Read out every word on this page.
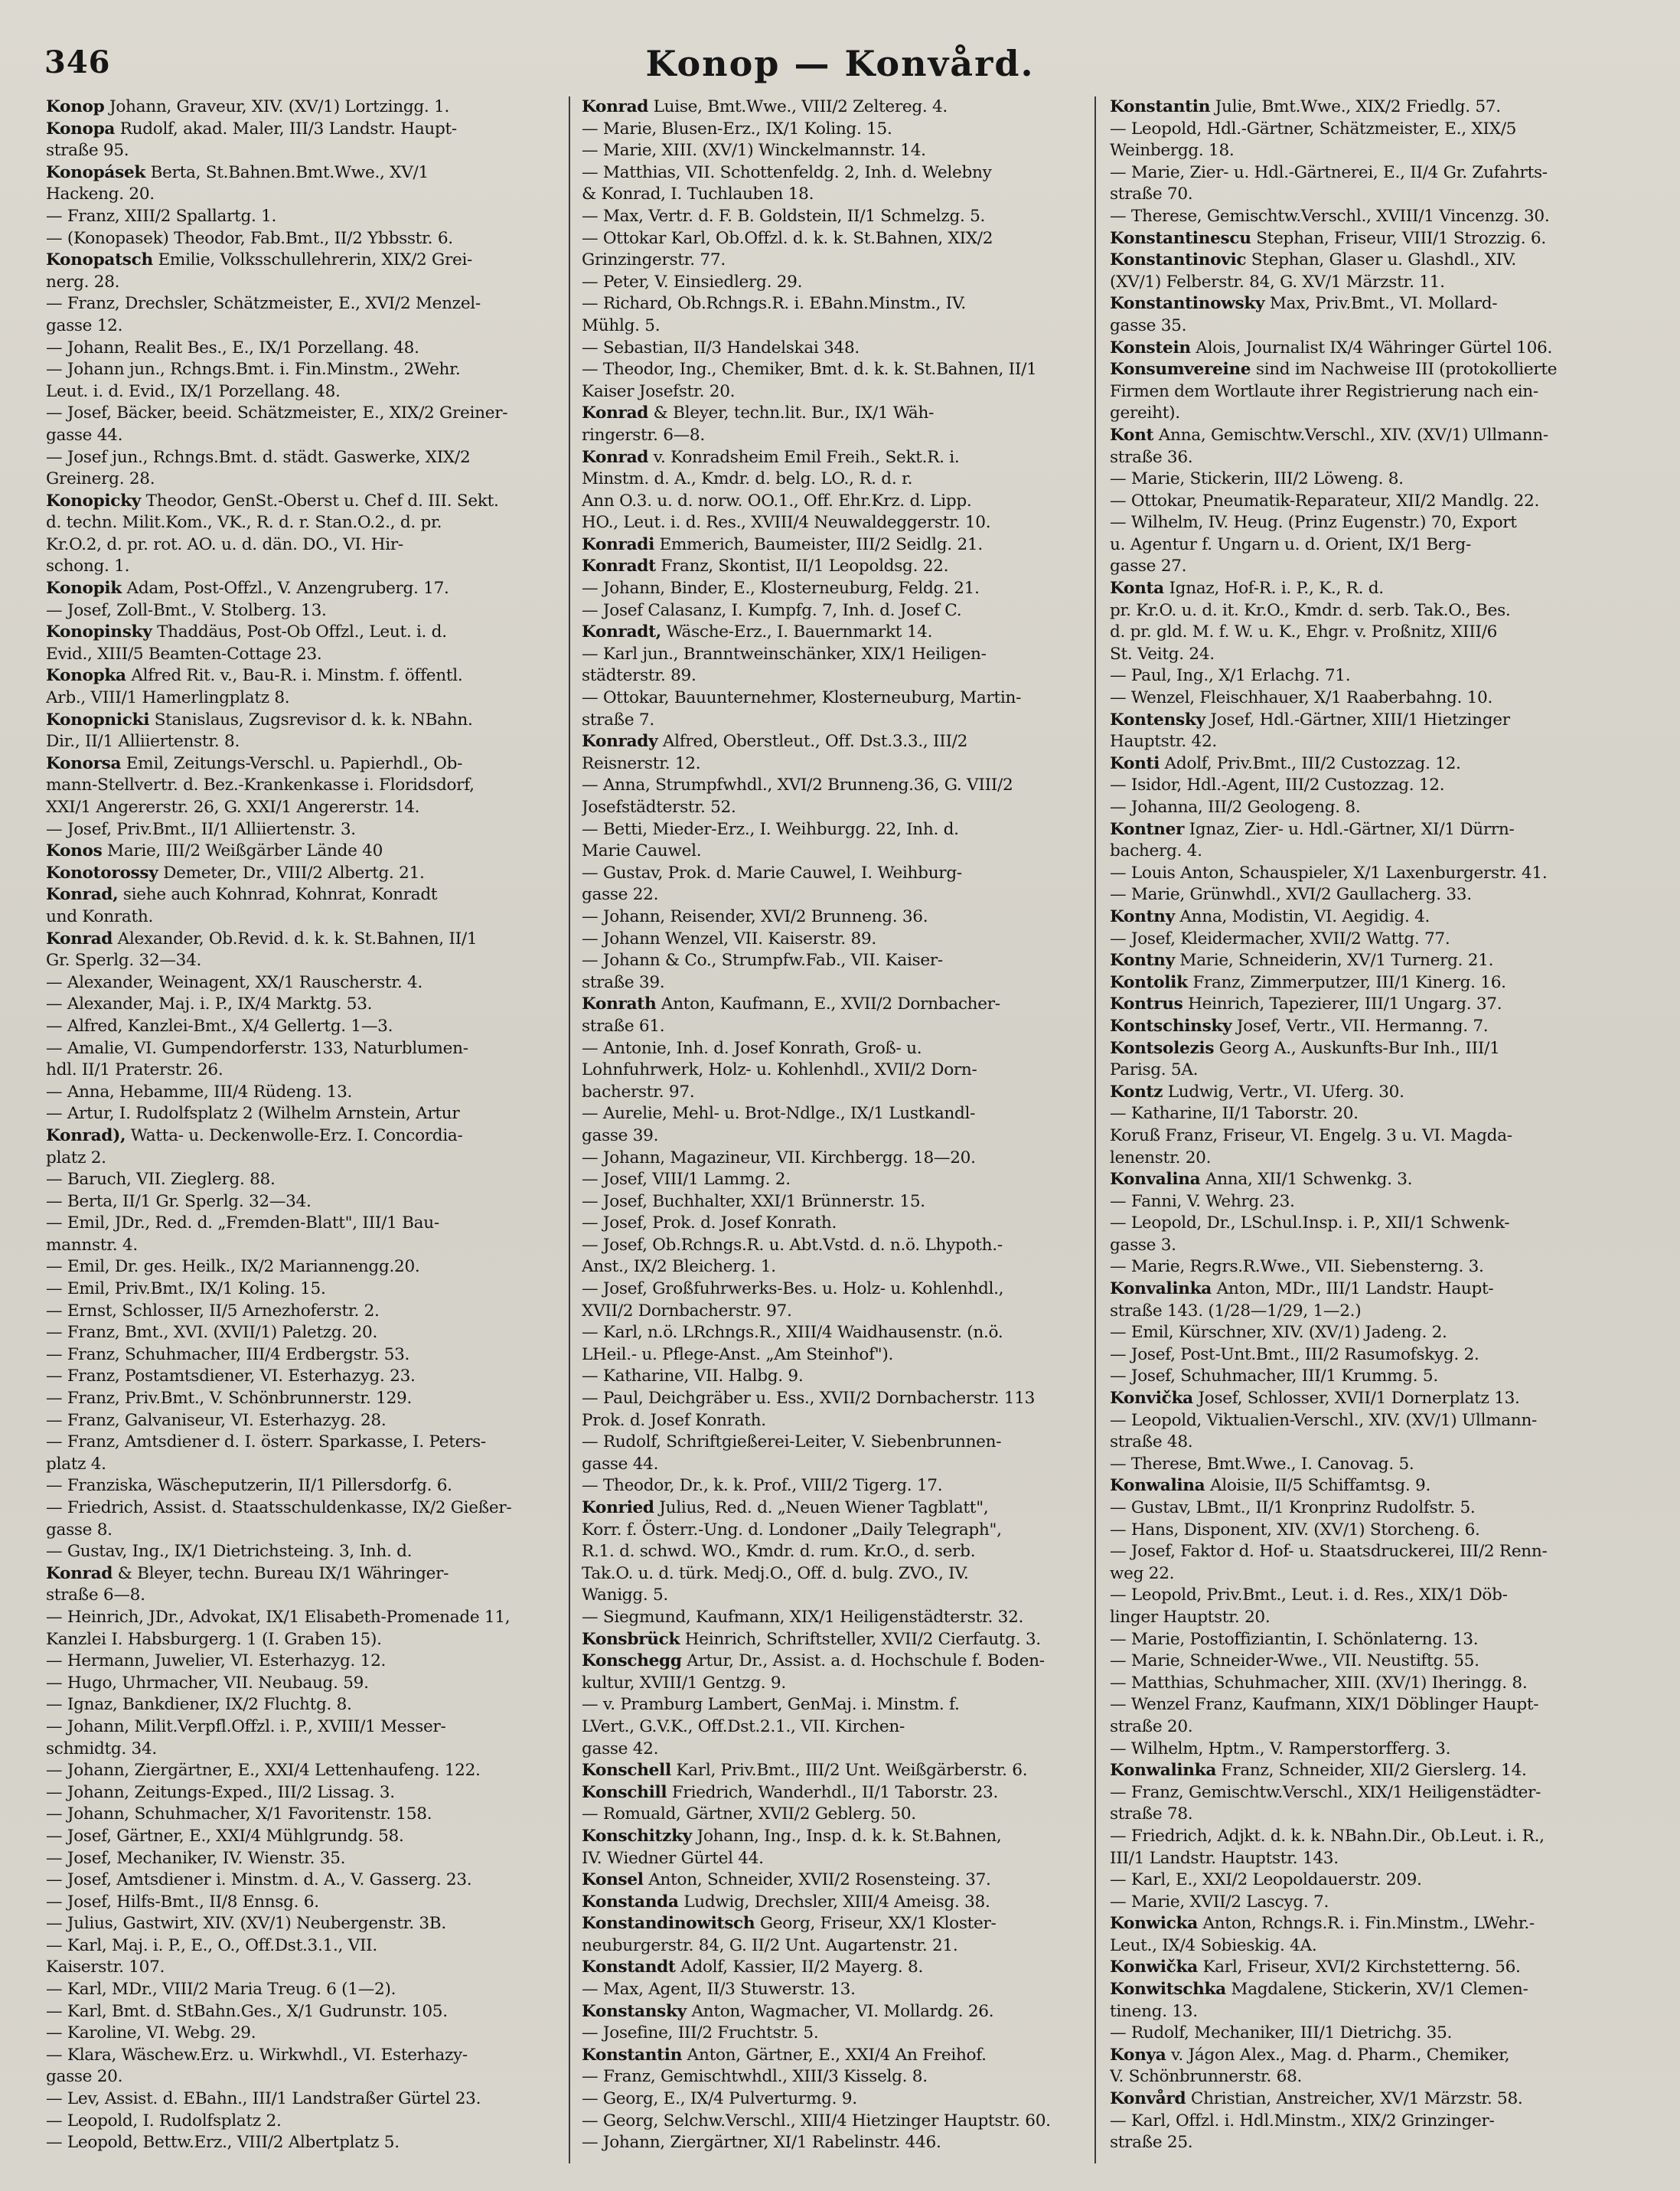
346	Konop — Konvård.
Konop Johann, Graveur, XIV. (XV/1) Lortzingg. 1.
Konopa Rudolf, akad. Maler, III/3 Landstr. Haupt-
straße 95.
Konopásek Berta, St.Bahnen.Bmt.Wwe., XV/1
Hackeng. 20.
— Franz, XIII/2 Spallartg. 1.
— (Konopasek) Theodor, Fab.Bmt., II/2 Ybbsstr. 6.
Konopatsch Emilie, Volksschullehrerin, XIX/2 Grei-
nerg. 28.
— Franz, Drechsler, Schätzmeister, E., XVI/2 Menzel-
gasse 12.
— Johann, Realit Bes., E., IX/1 Porzellang. 48.
— Johann jun., Rchngs.Bmt. i. Fin.Minstm., 2Wehr.
Leut. i. d. Evid., IX/1 Porzellang. 48.
— Josef, Bäcker, beeid. Schätzmeister, E., XIX/2 Greiner-
gasse 44.
— Josef jun., Rchngs.Bmt. d. städt. Gaswerke, XIX/2
Greinerg. 28.
Konopicky Theodor, GenSt.-Oberst u. Chef d. III. Sekt.
d. techn. Milit.Kom., VK., R. d. r. Stan.O.2., d. pr.
Kr.O.2, d. pr. rot. AO. u. d. dän. DO., VI. Hir-
schong. 1.
Konopik Adam, Post-Offzl., V. Anzengruberg. 17.
— Josef, Zoll-Bmt., V. Stolberg. 13.
Konopinsky Thaddäus, Post-Ob Offzl., Leut. i. d.
Evid., XIII/5 Beamten-Cottage 23.
Konopka Alfred Rit. v., Bau-R. i. Minstm. f. öffentl.
Arb., VIII/1 Hamerlingplatz 8.
Konopnicki Stanislaus, Zugsrevisor d. k. k. NBahn.
Dir., II/1 Alliiertenstr. 8.
Konorsa Emil, Zeitungs-Verschl. u. Papierhdl., Ob-
mann-Stellvertr. d. Bez.-Krankenkasse i. Floridsdorf,
XXI/1 Angererstr. 26, G. XXI/1 Angererstr. 14.
— Josef, Priv.Bmt., II/1 Alliiertenstr. 3.
Konos Marie, III/2 Weißgärber Lände 40
Konotorossy Demeter, Dr., VIII/2 Albertg. 21.
Konrad, siehe auch Kohnrad, Kohnrat, Konradt
und Konrath.
Konrad Alexander, Ob.Revid. d. k. k. St.Bahnen, II/1
Gr. Sperlg. 32—34.
— Alexander, Weinagent, XX/1 Rauscherstr. 4.
— Alexander, Maj. i. P., IX/4 Marktg. 53.
— Alfred, Kanzlei-Bmt., X/4 Gellertg. 1—3.
— Amalie, VI. Gumpendorferstr. 133, Naturblumen-
hdl. II/1 Praterstr. 26.
— Anna, Hebamme, III/4 Rüdeng. 13.
— Artur, I. Rudolfsplatz 2 (Wilhelm Arnstein, Artur
Konrad), Watta- u. Deckenwolle-Erz. I. Concordia-
platz 2.
— Baruch, VII. Zieglerg. 88.
— Berta, II/1 Gr. Sperlg. 32—34.
— Emil, JDr., Red. d. „Fremden-Blatt", III/1 Bau-
mannstr. 4.
— Emil, Dr. ges. Heilk., IX/2 Mariannengg.20.
— Emil, Priv.Bmt., IX/1 Koling. 15.
— Ernst, Schlosser, II/5 Arnezhoferstr. 2.
— Franz, Bmt., XVI. (XVII/1) Paletzg. 20.
— Franz, Schuhmacher, III/4 Erdbergstr. 53.
— Franz, Postamtsdiener, VI. Esterhazyg. 23.
— Franz, Priv.Bmt., V. Schönbrunnerstr. 129.
— Franz, Galvaniseur, VI. Esterhazyg. 28.
— Franz, Amtsdiener d. I. österr. Sparkasse, I. Peters-
platz 4.
— Franziska, Wäscheputzerin, II/1 Pillersdorfg. 6.
— Friedrich, Assist. d. Staatsschuldenkasse, IX/2 Gießer-
gasse 8.
— Gustav, Ing., IX/1 Dietrichsteing. 3, Inh. d.
Konrad & Bleyer, techn. Bureau IX/1 Währinger-
straße 6—8.
— Heinrich, JDr., Advokat, IX/1 Elisabeth-Promenade 11,
Kanzlei I. Habsburgerg. 1 (I. Graben 15).
— Hermann, Juwelier, VI. Esterhazyg. 12.
— Hugo, Uhrmacher, VII. Neubaug. 59.
— Ignaz, Bankdiener, IX/2 Fluchtg. 8.
— Johann, Milit.Verpfl.Offzl. i. P., XVIII/1 Messer-
schmidtg. 34.
— Johann, Ziergärtner, E., XXI/4 Lettenhaufeng. 122.
— Johann, Zeitungs-Exped., III/2 Lissag. 3.
— Johann, Schuhmacher, X/1 Favoritenstr. 158.
— Josef, Gärtner, E., XXI/4 Mühlgrundg. 58.
— Josef, Mechaniker, IV. Wienstr. 35.
— Josef, Amtsdiener i. Minstm. d. A., V. Gasserg. 23.
— Josef, Hilfs-Bmt., II/8 Ennsg. 6.
— Julius, Gastwirt, XIV. (XV/1) Neubergenstr. 3B.
— Karl, Maj. i. P., E., O., Off.Dst.3.1., VII.
Kaiserstr. 107.
— Karl, MDr., VIII/2 Maria Treug. 6 (1—2).
— Karl, Bmt. d. StBahn.Ges., X/1 Gudrunstr. 105.
— Karoline, VI. Webg. 29.
— Klara, Wäschew.Erz. u. Wirkwhdl., VI. Esterhazy-
gasse 20.
— Lev, Assist. d. EBahn., III/1 Landstraßer Gürtel 23.
— Leopold, I. Rudolfsplatz 2.
— Leopold, Bettw.Erz., VIII/2 Albertplatz 5.
Konrad Luise, Bmt.Wwe., VIII/2 Zeltereg. 4.
— Marie, Blusen-Erz., IX/1 Koling. 15.
— Marie, XIII. (XV/1) Winckelmannstr. 14.
— Matthias, VII. Schottenfeldg. 2, Inh. d. Welebny
& Konrad, I. Tuchlauben 18.
— Max, Vertr. d. F. B. Goldstein, II/1 Schmelzg. 5.
— Ottokar Karl, Ob.Offzl. d. k. k. St.Bahnen, XIX/2
Grinzingerstr. 77.
— Peter, V. Einsiedlerg. 29.
— Richard, Ob.Rchngs.R. i. EBahn.Minstm., IV.
Mühlg. 5.
— Sebastian, II/3 Handelskai 348.
— Theodor, Ing., Chemiker, Bmt. d. k. k. St.Bahnen, II/1
Kaiser Josefstr. 20.
Konrad & Bleyer, techn.lit. Bur., IX/1 Wäh-
ringerstr. 6—8.
Konrad v. Konradsheim Emil Freih., Sekt.R. i.
Minstm. d. A., Kmdr. d. belg. LO., R. d. r.
Ann O.3. u. d. norw. OO.1., Off. Ehr.Krz. d. Lipp.
HO., Leut. i. d. Res., XVIII/4 Neuwaldeggerstr. 10.
Konradi Emmerich, Baumeister, III/2 Seidlg. 21.
Konradt Franz, Skontist, II/1 Leopoldsg. 22.
— Johann, Binder, E., Klosterneuburg, Feldg. 21.
— Josef Calasanz, I. Kumpfg. 7, Inh. d. Josef C.
Konradt, Wäsche-Erz., I. Bauernmarkt 14.
— Karl jun., Branntweinschänker, XIX/1 Heiligen-
städterstr. 89.
— Ottokar, Bauunternehmer, Klosterneuburg, Martin-
straße 7.
Konrady Alfred, Oberstleut., Off. Dst.3.3., III/2
Reisnerstr. 12.
— Anna, Strumpfwhdl., XVI/2 Brunneng.36, G. VIII/2
Josefstädterstr. 52.
— Betti, Mieder-Erz., I. Weihburgg. 22, Inh. d.
Marie Cauwel.
— Gustav, Prok. d. Marie Cauwel, I. Weihburg-
gasse 22.
— Johann, Reisender, XVI/2 Brunneng. 36.
— Johann Wenzel, VII. Kaiserstr. 89.
— Johann & Co., Strumpfw.Fab., VII. Kaiser-
straße 39.
Konrath Anton, Kaufmann, E., XVII/2 Dornbacher-
straße 61.
— Antonie, Inh. d. Josef Konrath, Groß- u.
Lohnfuhrwerk, Holz- u. Kohlenhdl., XVII/2 Dorn-
bacherstr. 97.
— Aurelie, Mehl- u. Brot-Ndlge., IX/1 Lustkandl-
gasse 39.
— Johann, Magazineur, VII. Kirchbergg. 18—20.
— Josef, VIII/1 Lammg. 2.
— Josef, Buchhalter, XXI/1 Brünnerstr. 15.
— Josef, Prok. d. Josef Konrath.
— Josef, Ob.Rchngs.R. u. Abt.Vstd. d. n.ö. Lhypoth.-
Anst., IX/2 Bleicherg. 1.
— Josef, Großfuhrwerks-Bes. u. Holz- u. Kohlenhdl.,
XVII/2 Dornbacherstr. 97.
— Karl, n.ö. LRchngs.R., XIII/4 Waidhausenstr. (n.ö.
LHeil.- u. Pflege-Anst. „Am Steinhof").
— Katharine, VII. Halbg. 9.
— Paul, Deichgräber u. Ess., XVII/2 Dornbacherstr. 113
Prok. d. Josef Konrath.
— Rudolf, Schriftgießerei-Leiter, V. Siebenbrunnen-
gasse 44.
— Theodor, Dr., k. k. Prof., VIII/2 Tigerg. 17.
Konried Julius, Red. d. „Neuen Wiener Tagblatt",
Korr. f. Österr.-Ung. d. Londoner „Daily Telegraph",
R.1. d. schwd. WO., Kmdr. d. rum. Kr.O., d. serb.
Tak.O. u. d. türk. Medj.O., Off. d. bulg. ZVO., IV.
Wanigg. 5.
— Siegmund, Kaufmann, XIX/1 Heiligenstädterstr. 32.
Konsbrück Heinrich, Schriftsteller, XVII/2 Cierfautg. 3.
Konschegg Artur, Dr., Assist. a. d. Hochschule f. Boden-
kultur, XVIII/1 Gentzg. 9.
— v. Pramburg Lambert, GenMaj. i. Minstm. f.
LVert., G.V.K., Off.Dst.2.1., VII. Kirchen-
gasse 42.
Konschell Karl, Priv.Bmt., III/2 Unt. Weißgärberstr. 6.
Konschill Friedrich, Wanderhdl., II/1 Taborstr. 23.
— Romuald, Gärtner, XVII/2 Geblerg. 50.
Konschitzky Johann, Ing., Insp. d. k. k. St.Bahnen,
IV. Wiedner Gürtel 44.
Konsel Anton, Schneider, XVII/2 Rosensteing. 37.
Konstanda Ludwig, Drechsler, XIII/4 Ameisg. 38.
Konstandinowitsch Georg, Friseur, XX/1 Kloster-
neuburgerstr. 84, G. II/2 Unt. Augartenstr. 21.
Konstandt Adolf, Kassier, II/2 Mayerg. 8.
— Max, Agent, II/3 Stuwerstr. 13.
Konstansky Anton, Wagmacher, VI. Mollardg. 26.
— Josefine, III/2 Fruchtstr. 5.
Konstantin Anton, Gärtner, E., XXI/4 An Freihof.
— Franz, Gemischtwhdl., XIII/3 Kisselg. 8.
— Georg, E., IX/4 Pulverturmg. 9.
— Georg, Selchw.Verschl., XIII/4 Hietzinger Hauptstr. 60.
— Johann, Ziergärtner, XI/1 Rabelinstr. 446.
Konstantin Julie, Bmt.Wwe., XIX/2 Friedlg. 57.
— Leopold, Hdl.-Gärtner, Schätzmeister, E., XIX/5
Weinbergg. 18.
— Marie, Zier- u. Hdl.-Gärtnerei, E., II/4 Gr. Zufahrts-
straße 70.
— Therese, Gemischtw.Verschl., XVIII/1 Vincenzg. 30.
Konstantinescu Stephan, Friseur, VIII/1 Strozzig. 6.
Konstantinovic Stephan, Glaser u. Glashdl., XIV.
(XV/1) Felberstr. 84, G. XV/1 Märzstr. 11.
Konstantinowsky Max, Priv.Bmt., VI. Mollard-
gasse 35.
Konstein Alois, Journalist IX/4 Währinger Gürtel 106.
Konsumvereine sind im Nachweise III (protokollierte
Firmen dem Wortlaute ihrer Registrierung nach ein-
gereiht).
Kont Anna, Gemischtw.Verschl., XIV. (XV/1) Ullmann-
straße 36.
— Marie, Stickerin, III/2 Löweng. 8.
— Ottokar, Pneumatik-Reparateur, XII/2 Mandlg. 22.
— Wilhelm, IV. Heug. (Prinz Eugenstr.) 70, Export
u. Agentur f. Ungarn u. d. Orient, IX/1 Berg-
gasse 27.
Konta Ignaz, Hof-R. i. P., K., R. d.
pr. Kr.O. u. d. it. Kr.O., Kmdr. d. serb. Tak.O., Bes.
d. pr. gld. M. f. W. u. K., Ehgr. v. Proßnitz, XIII/6
St. Veitg. 24.
— Paul, Ing., X/1 Erlachg. 71.
— Wenzel, Fleischhauer, X/1 Raaberbahng. 10.
Kontensky Josef, Hdl.-Gärtner, XIII/1 Hietzinger
Hauptstr. 42.
Konti Adolf, Priv.Bmt., III/2 Custozzag. 12.
— Isidor, Hdl.-Agent, III/2 Custozzag. 12.
— Johanna, III/2 Geologeng. 8.
Kontner Ignaz, Zier- u. Hdl.-Gärtner, XI/1 Dürrn-
bacherg. 4.
— Louis Anton, Schauspieler, X/1 Laxenburgerstr. 41.
— Marie, Grünwhdl., XVI/2 Gaullacherg. 33.
Kontny Anna, Modistin, VI. Aegidig. 4.
— Josef, Kleidermacher, XVII/2 Wattg. 77.
Kontny Marie, Schneiderin, XV/1 Turnerg. 21.
Kontolik Franz, Zimmerputzer, III/1 Kinerg. 16.
Kontrus Heinrich, Tapezierer, III/1 Ungarg. 37.
Kontschinsky Josef, Vertr., VII. Hermanng. 7.
Kontsolezis Georg A., Auskunfts-Bur Inh., III/1
Parisg. 5A.
Kontz Ludwig, Vertr., VI. Uferg. 30.
— Katharine, II/1 Taborstr. 20.
Koruß Franz, Friseur, VI. Engelg. 3 u. VI. Magda-
lenenstr. 20.
Konvalina Anna, XII/1 Schwenkg. 3.
— Fanni, V. Wehrg. 23.
— Leopold, Dr., LSchul.Insp. i. P., XII/1 Schwenk-
gasse 3.
— Marie, Regrs.R.Wwe., VII. Siebensterng. 3.
Konvalinka Anton, MDr., III/1 Landstr. Haupt-
straße 143. (1/28—1/29, 1—2.)
— Emil, Kürschner, XIV. (XV/1) Jadeng. 2.
— Josef, Post-Unt.Bmt., III/2 Rasumofskyg. 2.
— Josef, Schuhmacher, III/1 Krummg. 5.
Konvička Josef, Schlosser, XVII/1 Dornerplatz 13.
— Leopold, Viktualien-Verschl., XIV. (XV/1) Ullmann-
straße 48.
— Therese, Bmt.Wwe., I. Canovag. 5.
Konwalina Aloisie, II/5 Schiffamtsg. 9.
— Gustav, LBmt., II/1 Kronprinz Rudolfstr. 5.
— Hans, Disponent, XIV. (XV/1) Storcheng. 6.
— Josef, Faktor d. Hof- u. Staatsdruckerei, III/2 Renn-
weg 22.
— Leopold, Priv.Bmt., Leut. i. d. Res., XIX/1 Döb-
linger Hauptstr. 20.
— Marie, Postoffiziantin, I. Schönlaterng. 13.
— Marie, Schneider-Wwe., VII. Neustiftg. 55.
— Matthias, Schuhmacher, XIII. (XV/1) Iheringg. 8.
— Wenzel Franz, Kaufmann, XIX/1 Döblinger Haupt-
straße 20.
— Wilhelm, Hptm., V. Ramperstorfferg. 3.
Konwalinka Franz, Schneider, XII/2 Gierslerg. 14.
— Franz, Gemischtw.Verschl., XIX/1 Heiligenstädter-
straße 78.
— Friedrich, Adjkt. d. k. k. NBahn.Dir., Ob.Leut. i. R.,
III/1 Landstr. Hauptstr. 143.
— Karl, E., XXI/2 Leopoldauerstr. 209.
— Marie, XVII/2 Lascyg. 7.
Konwicka Anton, Rchngs.R. i. Fin.Minstm., LWehr.-
Leut., IX/4 Sobieskig. 4A.
Konwička Karl, Friseur, XVI/2 Kirchstetterng. 56.
Konwitschka Magdalene, Stickerin, XV/1 Clemen-
tineng. 13.
— Rudolf, Mechaniker, III/1 Dietrichg. 35.
Konya v. Jágon Alex., Mag. d. Pharm., Chemiker,
V. Schönbrunnerstr. 68.
Konvård Christian, Anstreicher, XV/1 Märzstr. 58.
— Karl, Offzl. i. Hdl.Minstm., XIX/2 Grinzinger-
straße 25.
